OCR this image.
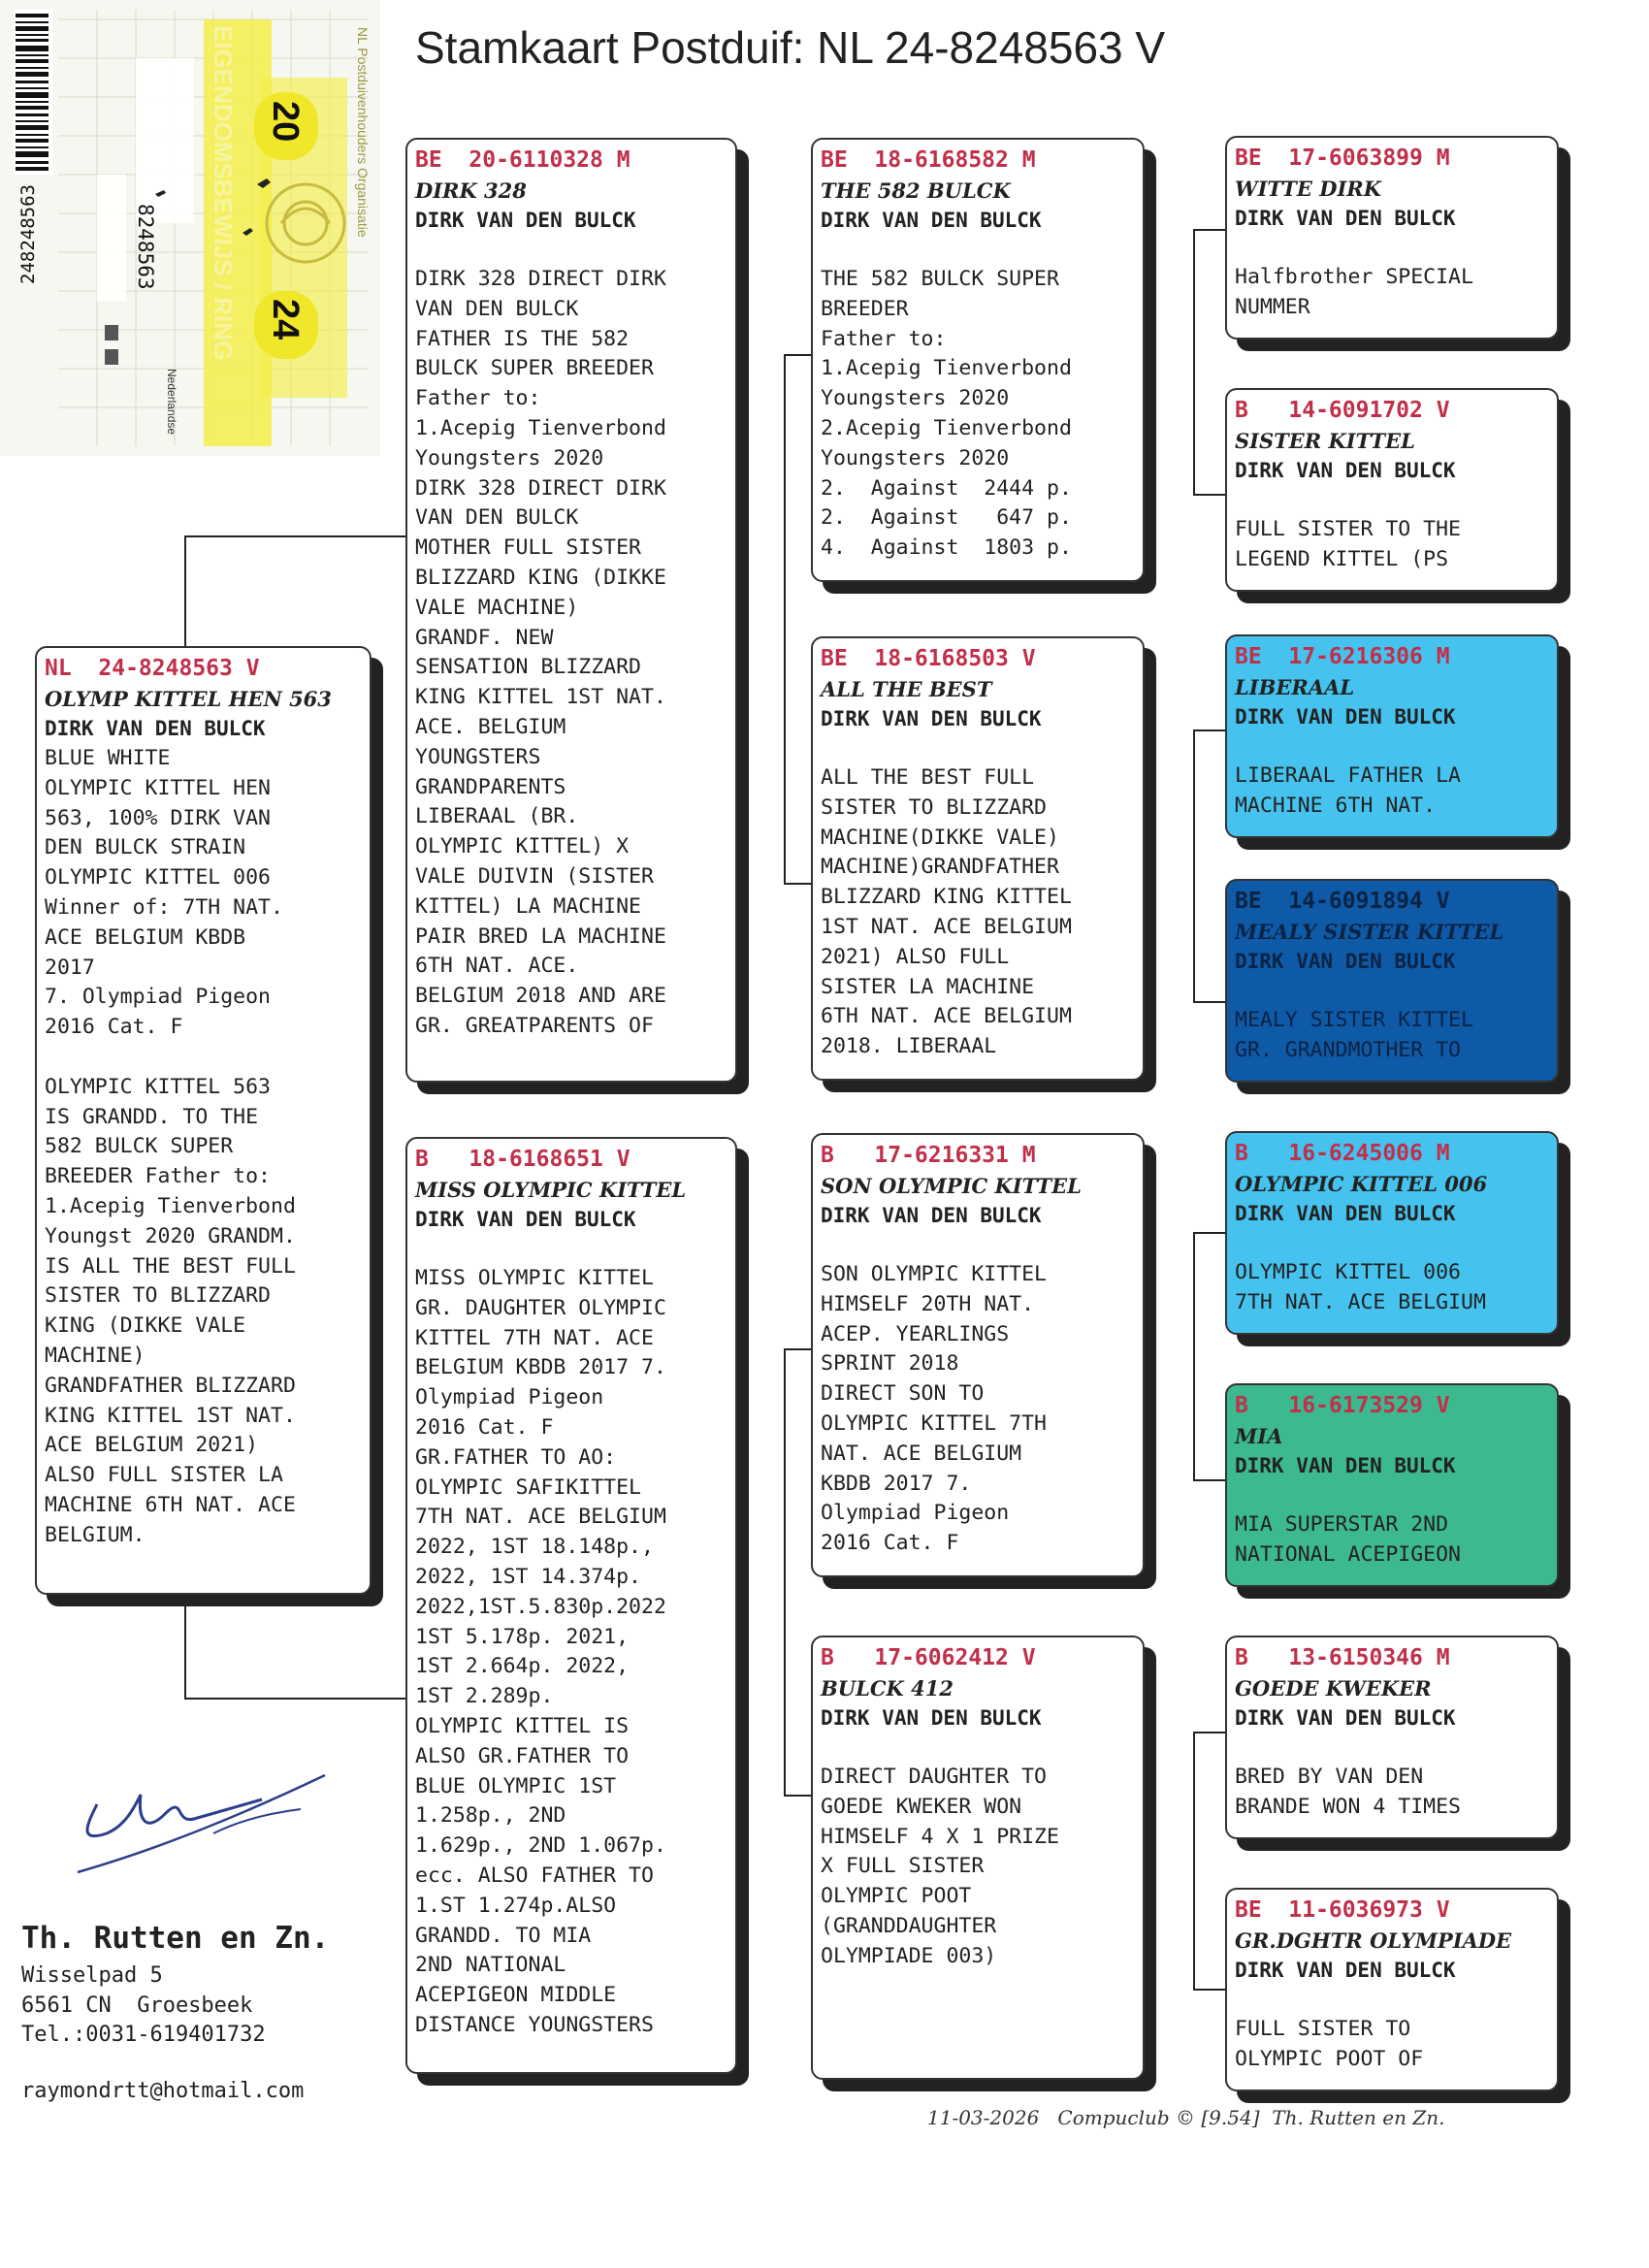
248248563	8248563
20
24
EIGENDOMSBEWIJS / RING	NL Postduivenhouders Organisatie
Nederlandse
Stamkaart Postduif: NL 24-8248563 V
NL  24-8248563 V
OLYMP KITTEL HEN 563
DIRK VAN DEN BULCK
BLUE WHITE
OLYMPIC KITTEL HEN
563, 100% DIRK VAN
DEN BULCK STRAIN
OLYMPIC KITTEL 006
Winner of: 7TH NAT.
ACE BELGIUM KBDB
2017
7. Olympiad Pigeon
2016 Cat. F

OLYMPIC KITTEL 563
IS GRANDD. TO THE
582 BULCK SUPER
BREEDER Father to:
1.Acepig Tienverbond
Youngst 2020 GRANDM.
IS ALL THE BEST FULL
SISTER TO BLIZZARD
KING (DIKKE VALE
MACHINE)
GRANDFATHER BLIZZARD
KING KITTEL 1ST NAT.
ACE BELGIUM 2021)
ALSO FULL SISTER LA
MACHINE 6TH NAT. ACE
BELGIUM.
BE  20-6110328 M
DIRK 328
DIRK VAN DEN BULCK
DIRK 328 DIRECT DIRK
VAN DEN BULCK
FATHER IS THE 582
BULCK SUPER BREEDER
Father to:
1.Acepig Tienverbond
Youngsters 2020
DIRK 328 DIRECT DIRK
VAN DEN BULCK
MOTHER FULL SISTER
BLIZZARD KING (DIKKE
VALE MACHINE)
GRANDF. NEW
SENSATION BLIZZARD
KING KITTEL 1ST NAT.
ACE. BELGIUM
YOUNGSTERS
GRANDPARENTS
LIBERAAL (BR.
OLYMPIC KITTEL) X
VALE DUIVIN (SISTER
KITTEL) LA MACHINE
PAIR BRED LA MACHINE
6TH NAT. ACE.
BELGIUM 2018 AND ARE
GR. GREATPARENTS OF
B   18-6168651 V
MISS OLYMPIC KITTEL
DIRK VAN DEN BULCK
MISS OLYMPIC KITTEL
GR. DAUGHTER OLYMPIC
KITTEL 7TH NAT. ACE
BELGIUM KBDB 2017 7.
Olympiad Pigeon
2016 Cat. F
GR.FATHER TO AO:
OLYMPIC SAFIKITTEL
7TH NAT. ACE BELGIUM
2022, 1ST 18.148p.,
2022, 1ST 14.374p.
2022,1ST.5.830p.2022
1ST 5.178p. 2021,
1ST 2.664p. 2022,
1ST 2.289p.
OLYMPIC KITTEL IS
ALSO GR.FATHER TO
BLUE OLYMPIC 1ST
1.258p., 2ND
1.629p., 2ND 1.067p.
ecc. ALSO FATHER TO
1.ST 1.274p.ALSO
GRANDD. TO MIA
2ND NATIONAL
ACEPIGEON MIDDLE
DISTANCE YOUNGSTERS
BE  18-6168582 M
THE 582 BULCK
DIRK VAN DEN BULCK
THE 582 BULCK SUPER
BREEDER
Father to:
1.Acepig Tienverbond
Youngsters 2020
2.Acepig Tienverbond
Youngsters 2020
2.  Against  2444 p.
2.  Against   647 p.
4.  Against  1803 p.
BE  18-6168503 V
ALL THE BEST
DIRK VAN DEN BULCK
ALL THE BEST FULL
SISTER TO BLIZZARD
MACHINE(DIKKE VALE)
MACHINE)GRANDFATHER
BLIZZARD KING KITTEL
1ST NAT. ACE BELGIUM
2021) ALSO FULL
SISTER LA MACHINE
6TH NAT. ACE BELGIUM
2018. LIBERAAL
B   17-6216331 M
SON OLYMPIC KITTEL
DIRK VAN DEN BULCK
SON OLYMPIC KITTEL
HIMSELF 20TH NAT.
ACEP. YEARLINGS
SPRINT 2018
DIRECT SON TO
OLYMPIC KITTEL 7TH
NAT. ACE BELGIUM
KBDB 2017 7.
Olympiad Pigeon
2016 Cat. F
B   17-6062412 V
BULCK 412
DIRK VAN DEN BULCK
DIRECT DAUGHTER TO
GOEDE KWEKER WON
HIMSELF 4 X 1 PRIZE
X FULL SISTER
OLYMPIC POOT
(GRANDDAUGHTER
OLYMPIADE 003)
BE  17-6063899 M
WITTE DIRK
DIRK VAN DEN BULCK
Halfbrother SPECIAL
NUMMER
B   14-6091702 V
SISTER KITTEL
DIRK VAN DEN BULCK
FULL SISTER TO THE
LEGEND KITTEL (PS
BE  17-6216306 M
LIBERAAL
DIRK VAN DEN BULCK
LIBERAAL FATHER LA
MACHINE 6TH NAT.
BE  14-6091894 V
MEALY SISTER KITTEL
DIRK VAN DEN BULCK
MEALY SISTER KITTEL
GR. GRANDMOTHER TO
B   16-6245006 M
OLYMPIC KITTEL 006
DIRK VAN DEN BULCK
OLYMPIC KITTEL 006
7TH NAT. ACE BELGIUM
B   16-6173529 V
MIA
DIRK VAN DEN BULCK
MIA SUPERSTAR 2ND
NATIONAL ACEPIGEON
B   13-6150346 M
GOEDE KWEKER
DIRK VAN DEN BULCK
BRED BY VAN DEN
BRANDE WON 4 TIMES
BE  11-6036973 V
GR.DGHTR OLYMPIADE
DIRK VAN DEN BULCK
FULL SISTER TO
OLYMPIC POOT OF
Th. Rutten en Zn.
Wisselpad 5
6561 CN  Groesbeek
Tel.:0031-619401732
raymondrtt@hotmail.com
11-03-2026   Compuclub © [9.54]  Th. Rutten en Zn.
